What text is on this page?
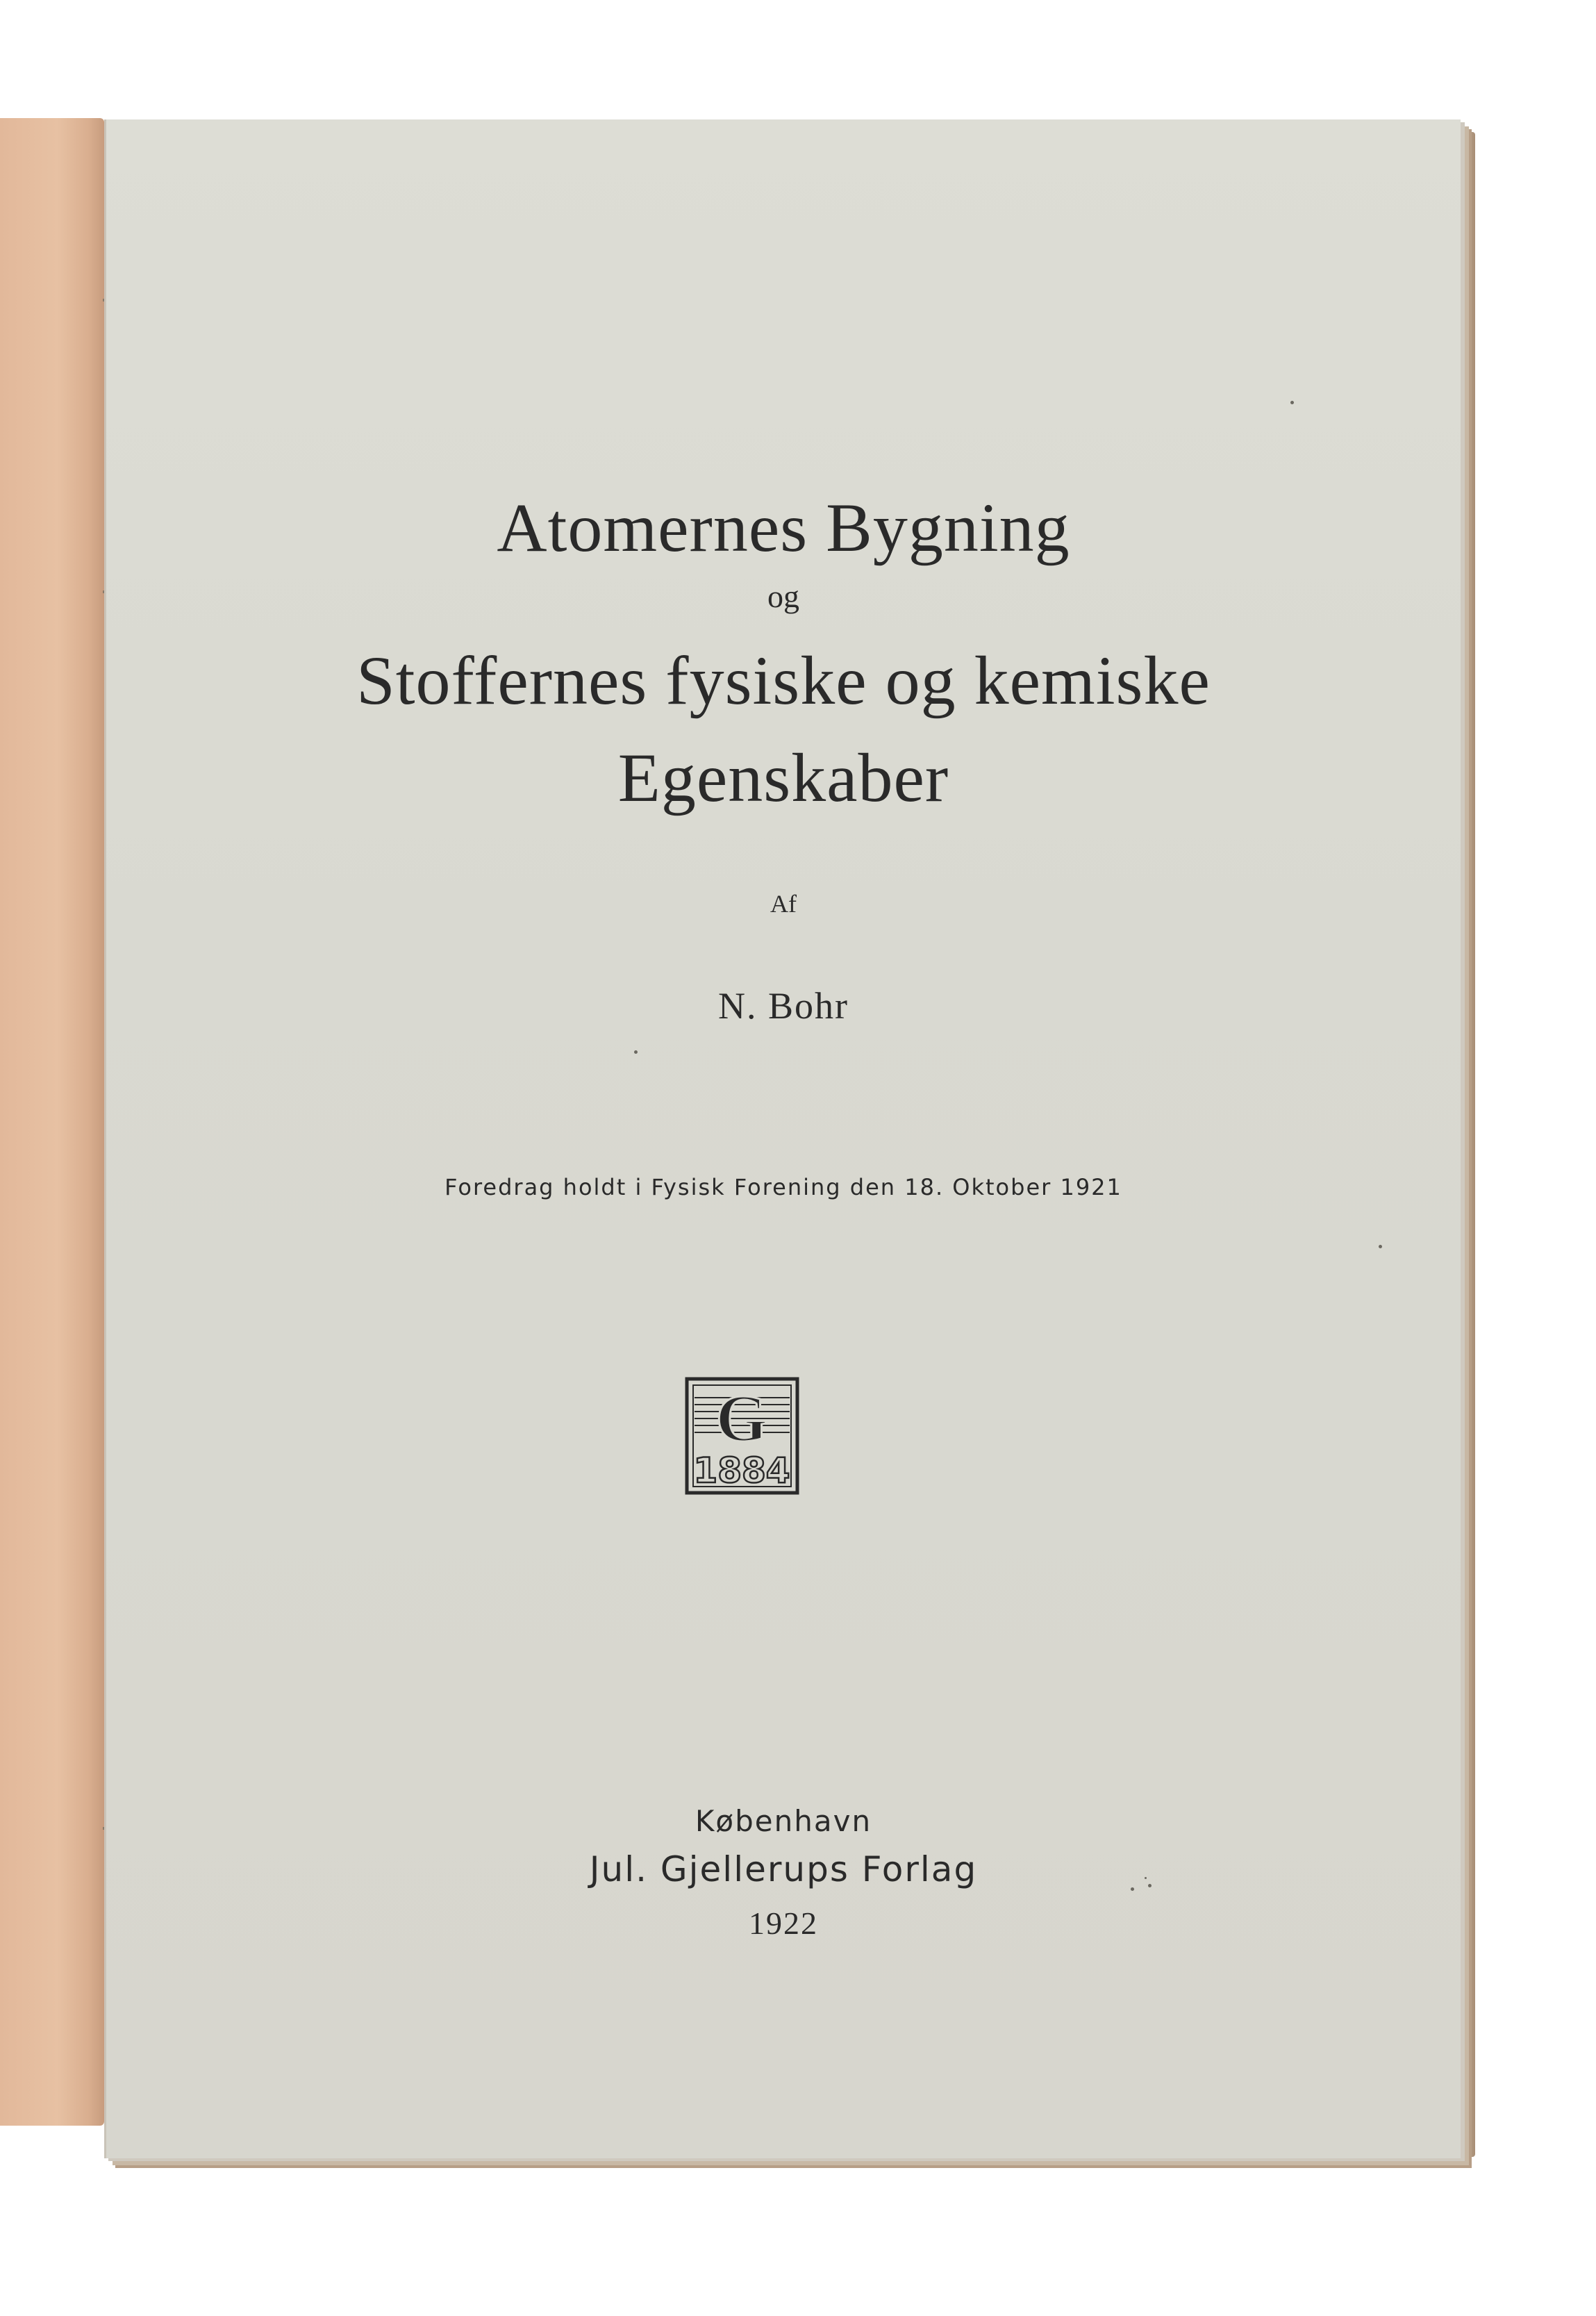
Atomernes Bygning
og
Stoffernes fysiske og kemiske
Egenskaber
Af
N. Bohr
Foredrag holdt i Fysisk Forening den 18. Oktober 1921
G
1884
København
Jul. Gjellerups Forlag
1922
